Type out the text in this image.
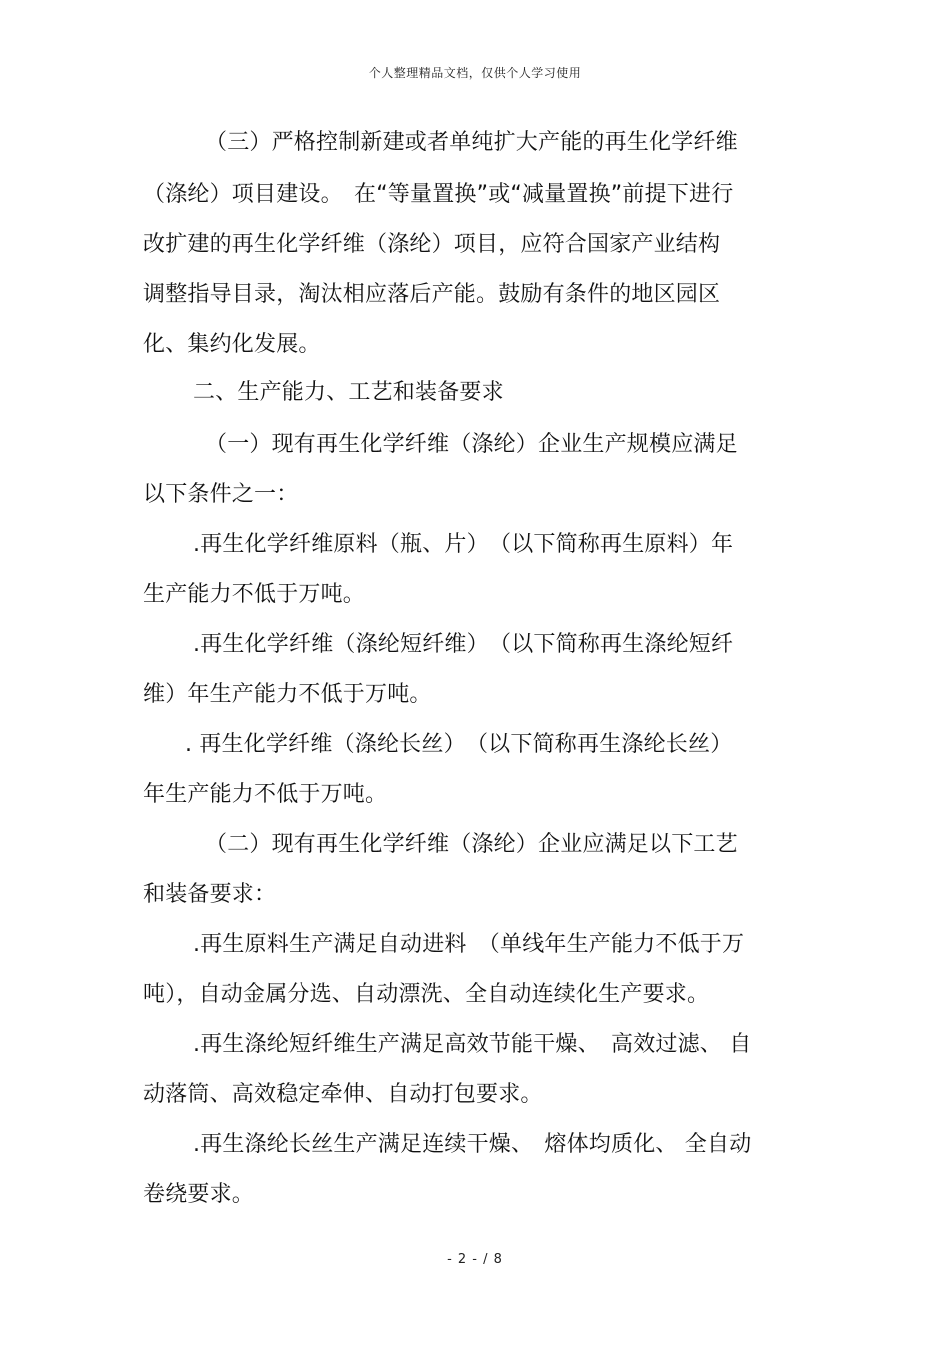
个人整理精品文档，仅供个人学习使用
（三）严格控制新建或者单纯扩大产能的再生化学纤维
（涤纶）项目建设。　在“等量置换”或“减量置换”前提下进行
改扩建的再生化学纤维（涤纶）项目，应符合国家产业结构
调整指导目录，淘汰相应落后产能。鼓励有条件的地区园区
化、集约化发展。
二、生产能力、工艺和装备要求
（一）现有再生化学纤维（涤纶）企业生产规模应满足
以下条件之一：
.再生化学纤维原料（瓶、片）　（以下简称再生原料）年
生产能力不低于万吨。
.再生化学纤维（涤纶短纤维）　（以下简称再生涤纶短纤
维）年生产能力不低于万吨。
. 再生化学纤维（涤纶长丝）　（以下简称再生涤纶长丝）
年生产能力不低于万吨。
（二）现有再生化学纤维（涤纶）企业应满足以下工艺
和装备要求：
.再生原料生产满足自动进料　（单线年生产能力不低于万
吨），自动金属分选、自动漂洗、全自动连续化生产要求。
.再生涤纶短纤维生产满足高效节能干燥、　高效过滤、 自
动落筒、高效稳定牵伸、自动打包要求。
.再生涤纶长丝生产满足连续干燥、　熔体均质化、 全自动
卷绕要求。
- 2 - / 8
